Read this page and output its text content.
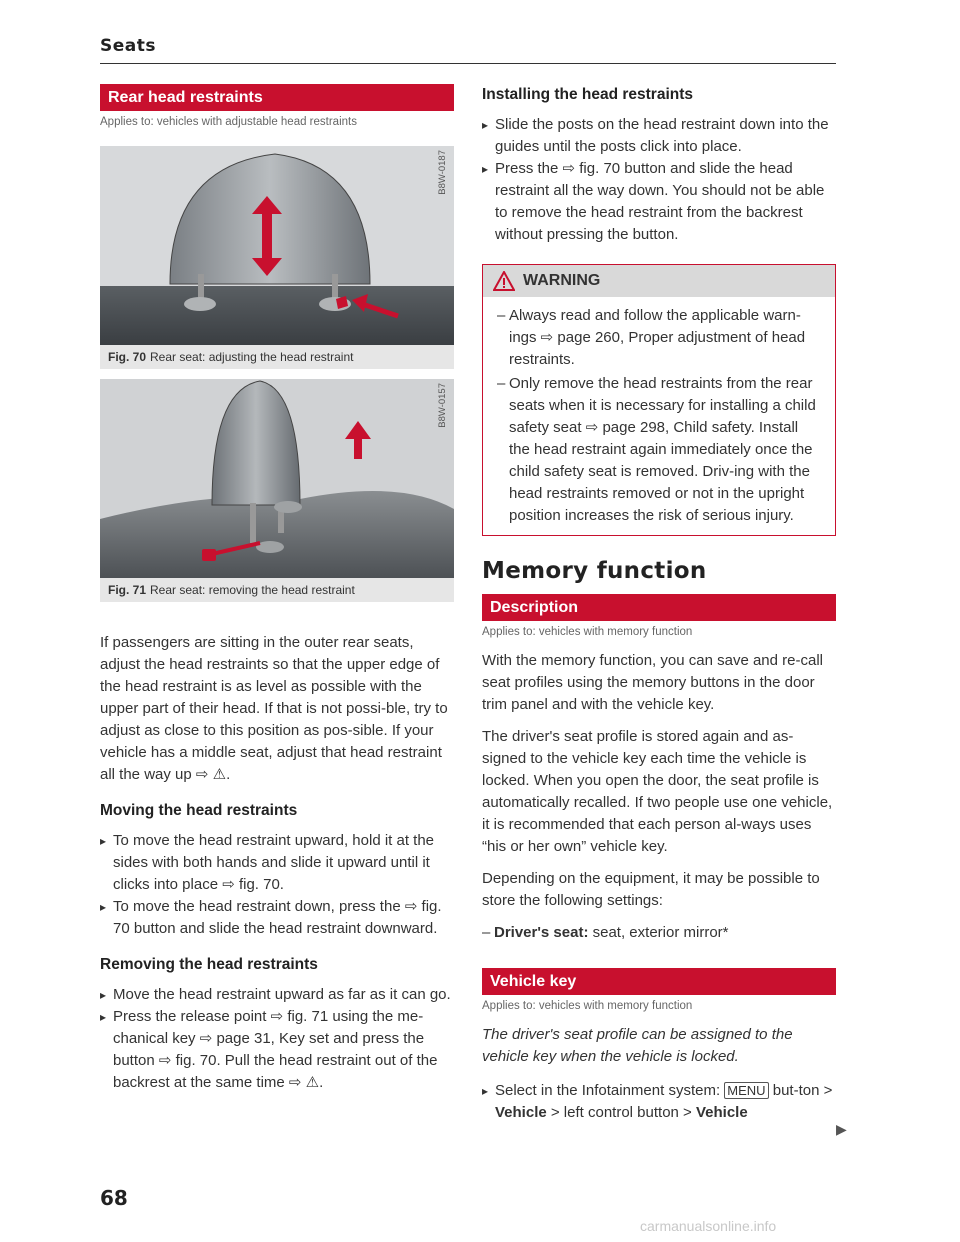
Seats
Rear head restraints
Applies to: vehicles with adjustable head restraints
B8W-0187
Fig. 70 Rear seat: adjusting the head restraint
B8W-0157
Fig. 71 Rear seat: removing the head restraint

If passengers are sitting in the outer rear seats, adjust the head restraints so that the upper edge of the head restraint is as level as possible with the upper part of their head. If that is not possi-ble, try to adjust as close to this position as pos-sible. If your vehicle has a middle seat, adjust that head restraint all the way up ⇨ ⚠.

Moving the head restraints
▸ To move the head restraint upward, hold it at the sides with both hands and slide it upward until it clicks into place ⇨ fig. 70.
▸ To move the head restraint down, press the ⇨ fig. 70 button and slide the head restraint downward.
Removing the head restraints
▸ Move the head restraint upward as far as it can go.
▸ Press the release point ⇨ fig. 71 using the me-chanical key ⇨ page 31, Key set and press the button ⇨ fig. 70. Pull the head restraint out of the backrest at the same time ⇨ ⚠.
Installing the head restraints
▸ Slide the posts on the head restraint down into the guides until the posts click into place.
▸ Press the ⇨ fig. 70 button and slide the head restraint all the way down. You should not be able to remove the head restraint from the backrest without pressing the button.
WARNING
– Always read and follow the applicable warn-ings ⇨ page 260, Proper adjustment of head restraints.
– Only remove the head restraints from the rear seats when it is necessary for installing a child safety seat ⇨ page 298, Child safety. Install the head restraint again immediately once the child safety seat is removed. Driv-ing with the head restraints removed or not in the upright position increases the risk of serious injury.
Memory function
Description
Applies to: vehicles with memory function

With the memory function, you can save and re-call seat profiles using the memory buttons in the door trim panel and with the vehicle key.

The driver's seat profile is stored again and as-signed to the vehicle key each time the vehicle is locked. When you open the door, the seat profile is automatically recalled. If two people use one vehicle, it is recommended that each person al-ways uses “his or her own” vehicle key.

Depending on the equipment, it may be possible to store the following settings:

– Driver's seat: seat, exterior mirror*
Vehicle key
Applies to: vehicles with memory function

The driver's seat profile can be assigned to the vehicle key when the vehicle is locked.

▸ Select in the Infotainment system: MENU but-ton > Vehicle > left control button > Vehicle
▶
68
carmanualsonline.info
